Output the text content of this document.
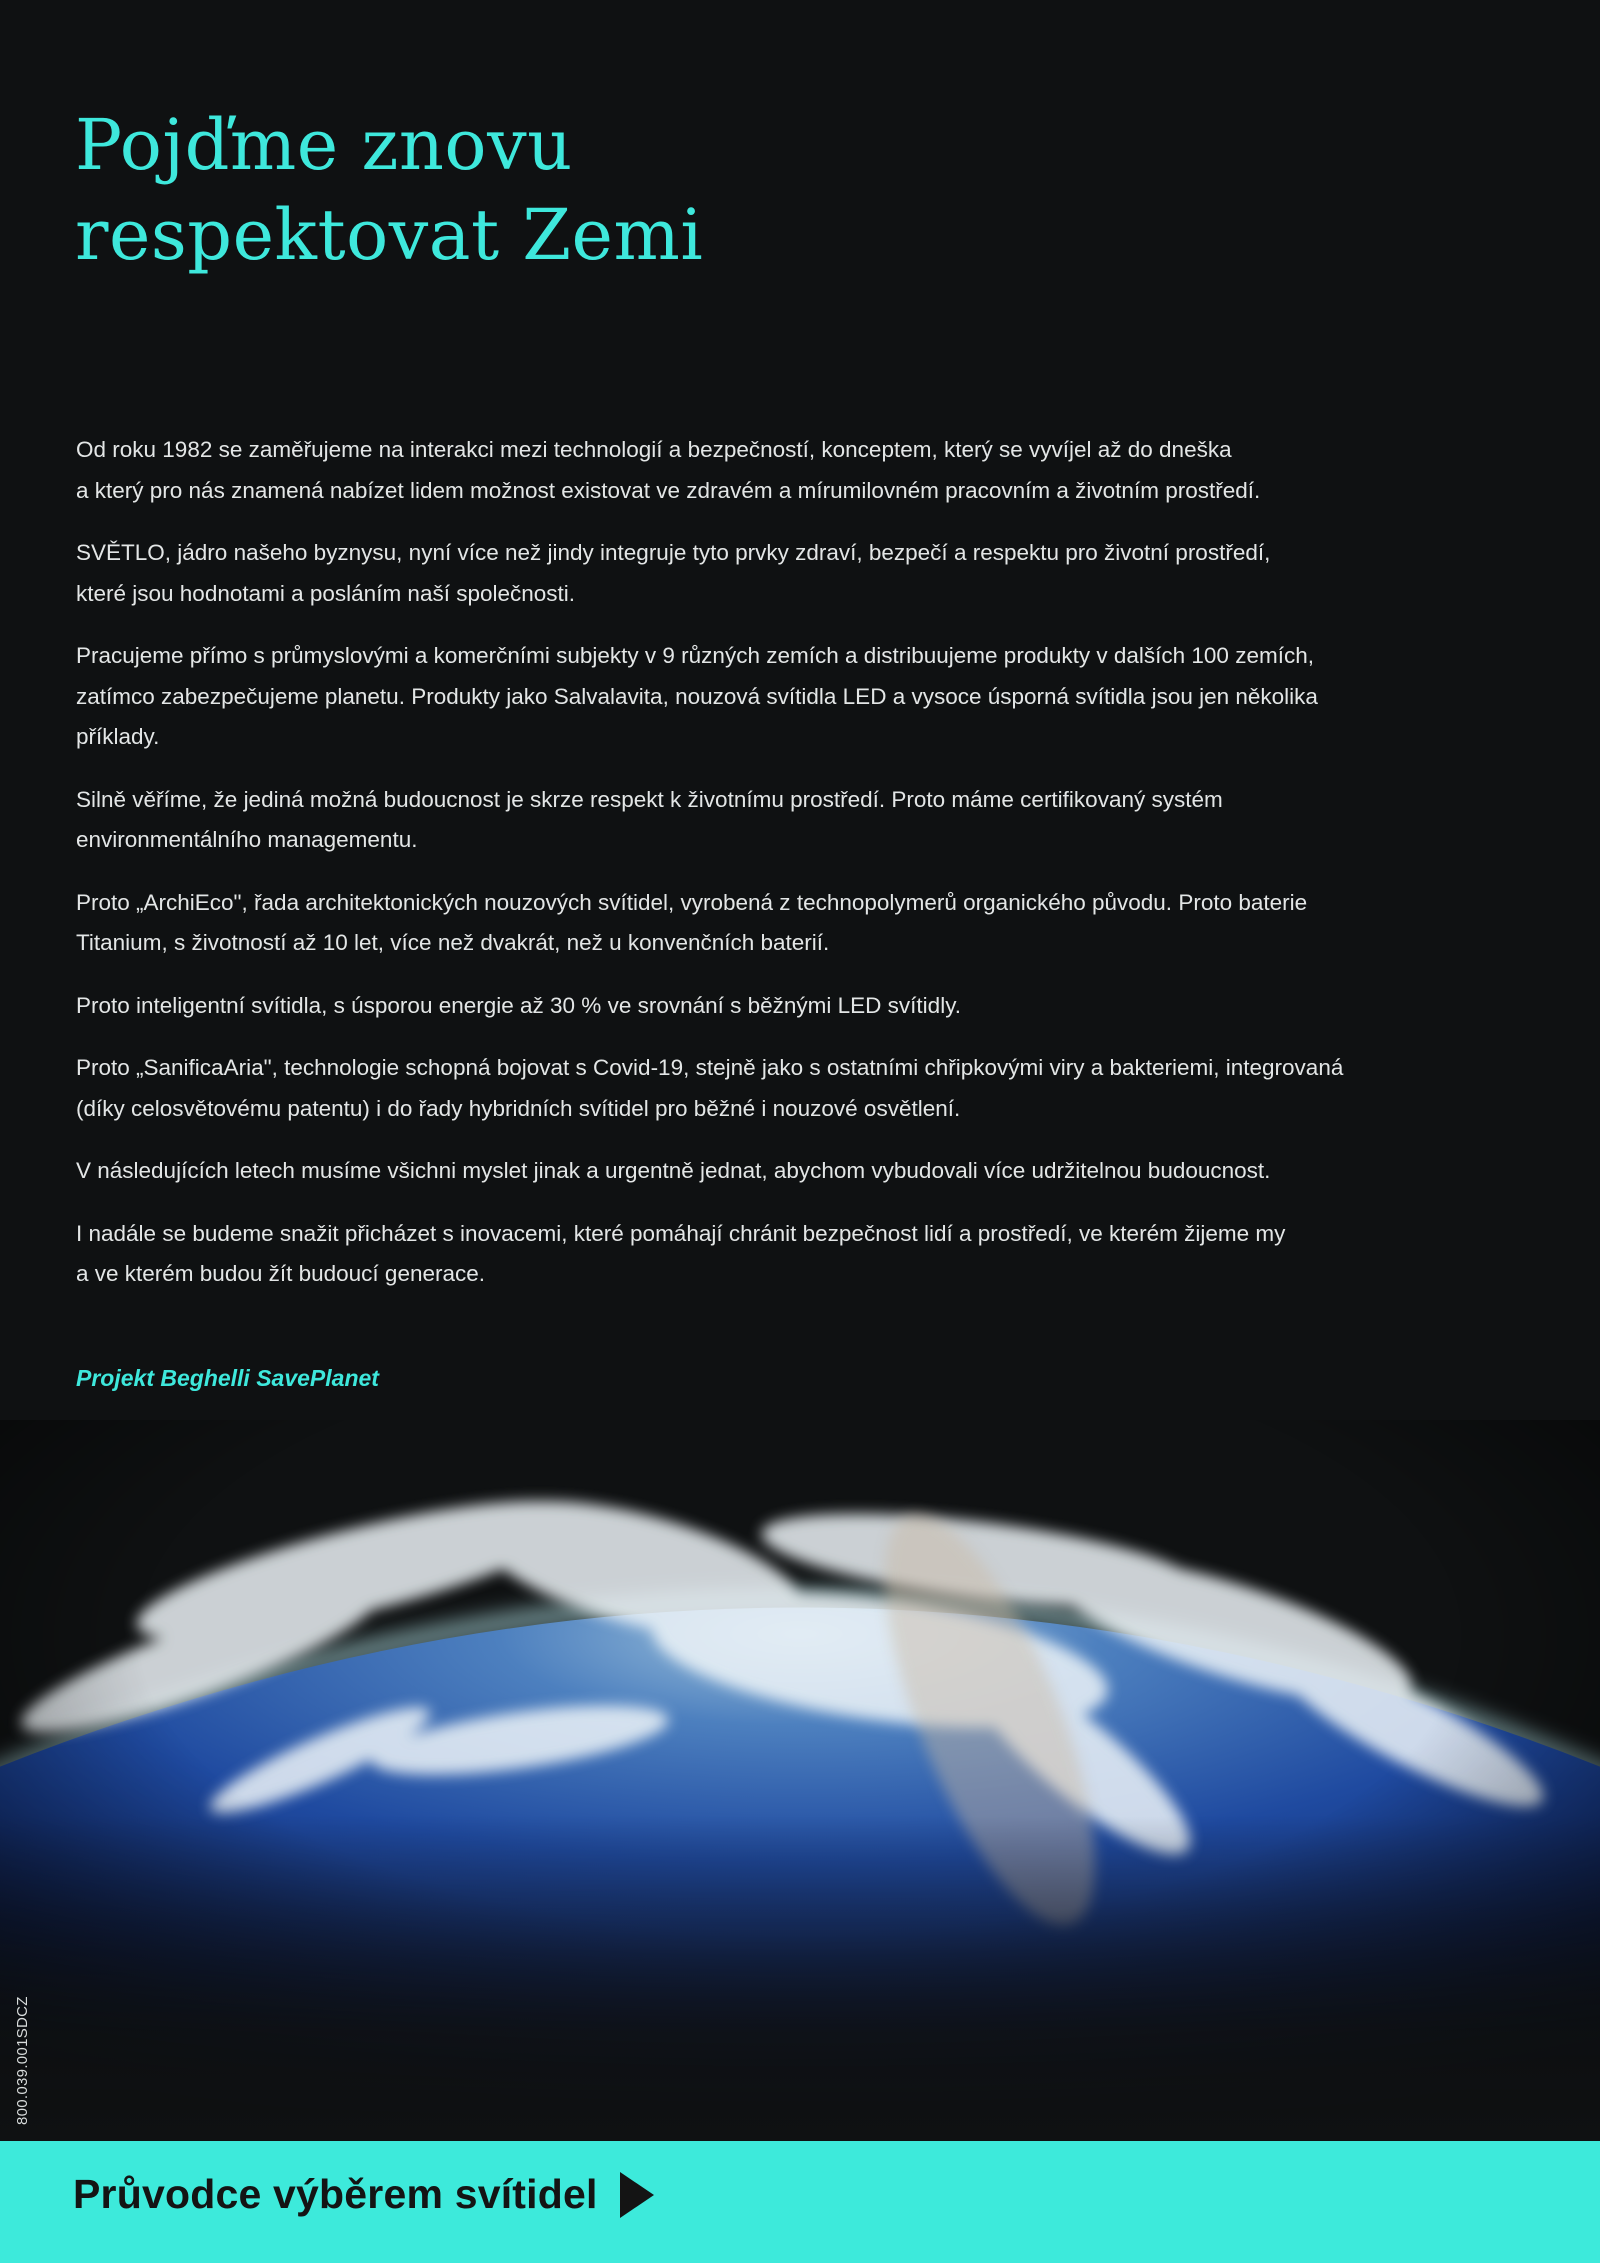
Pojďme znovu
respektovat Zemi

Od roku 1982 se zaměřujeme na interakci mezi technologií a bezpečností, konceptem, který se vyvíjel až do dneška
a který pro nás znamená nabízet lidem možnost existovat ve zdravém a mírumilovném pracovním a životním prostředí.

SVĚTLO, jádro našeho byznysu, nyní více než jindy integruje tyto prvky zdraví, bezpečí a respektu pro životní prostředí,
které jsou hodnotami a posláním naší společnosti.

Pracujeme přímo s průmyslovými a komerčními subjekty v 9 různých zemích a distribuujeme produkty v dalších 100 zemích,
zatímco zabezpečujeme planetu. Produkty jako Salvalavita, nouzová svítidla LED a vysoce úsporná svítidla jsou jen několika
příklady.

Silně věříme, že jediná možná budoucnost je skrze respekt k životnímu prostředí. Proto máme certifikovaný systém
environmentálního managementu.

Proto „ArchiEco", řada architektonických nouzových svítidel, vyrobená z technopolymerů organického původu. Proto baterie
Titanium, s životností až 10 let, více než dvakrát, než u konvenčních baterií.

Proto inteligentní svítidla, s úsporou energie až 30 % ve srovnání s běžnými LED svítidly.

Proto „SanificaAria", technologie schopná bojovat s Covid-19, stejně jako s ostatními chřipkovými viry a bakteriemi, integrovaná
(díky celosvětovému patentu) i do řady hybridních svítidel pro běžné i nouzové osvětlení.

V následujících letech musíme všichni myslet jinak a urgentně jednat, abychom vybudovali více udržitelnou budoucnost.

I nadále se budeme snažit přicházet s inovacemi, které pomáhají chránit bezpečnost lidí a prostředí, ve kterém žijeme my
a ve kterém budou žít budoucí generace.

Projekt Beghelli SavePlanet

800.039.001SDCZ
Průvodce výběrem svítidel
